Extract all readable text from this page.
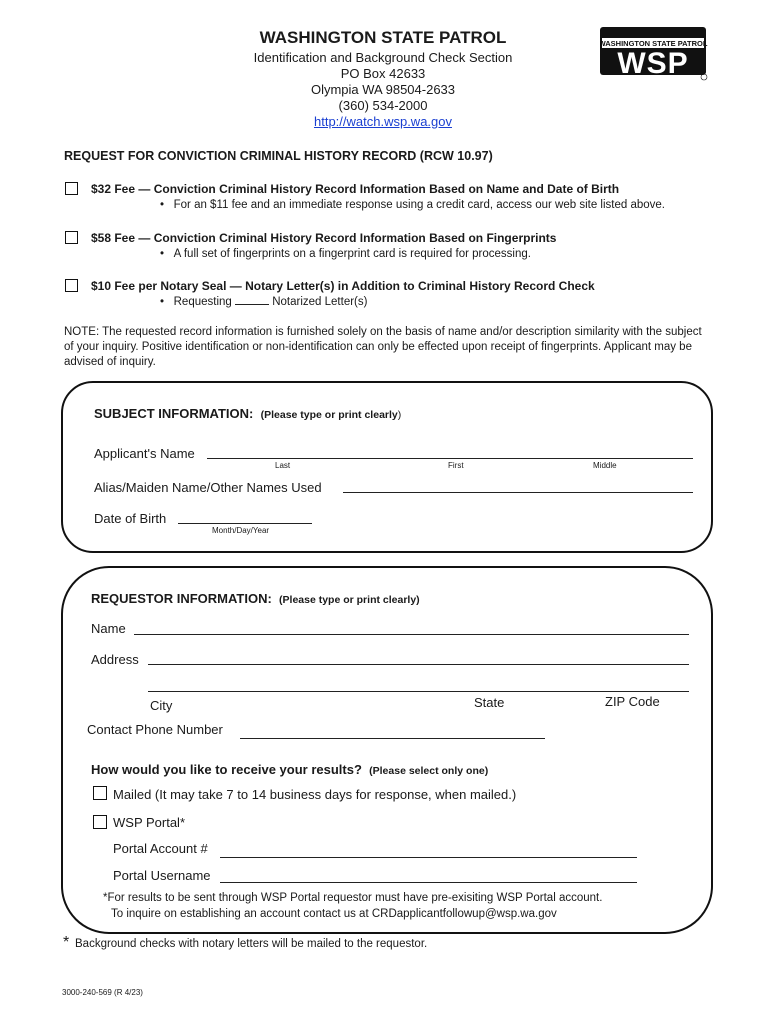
WASHINGTON STATE PATROL
Identification and Background Check Section
PO Box 42633
Olympia WA 98504-2633
(360) 534-2000
http://watch.wsp.wa.gov
WASHINGTON STATE PATROL
WSP
REQUEST FOR CONVICTION CRIMINAL HISTORY RECORD (RCW 10.97)
$32 Fee — Conviction Criminal History Record Information Based on Name and Date of Birth
•   For an $11 fee and an immediate response using a credit card, access our web site listed above.
$58 Fee — Conviction Criminal History Record Information Based on Fingerprints
•   A full set of fingerprints on a fingerprint card is required for processing.
$10 Fee per Notary Seal — Notary Letter(s) in Addition to Criminal History Record Check
•   Requesting	Notarized Letter(s)
NOTE: The requested record information is furnished solely on the basis of name and/or description similarity with the subject of your inquiry. Positive identification or non-identification can only be effected upon receipt of fingerprints. Applicant may be advised of inquiry.
SUBJECT INFORMATION: (Please type or print clearly)
Applicant's Name
Last	First	Middle
Alias/Maiden Name/Other Names Used
Date of Birth
Month/Day/Year
REQUESTOR INFORMATION: (Please type or print clearly)
Name
Address
City	State	ZIP Code
Contact Phone Number
How would you like to receive your results? (Please select only one)
Mailed (It may take 7 to 14 business days for response, when mailed.)
WSP Portal*
Portal Account #
Portal Username
*For results to be sent through WSP Portal requestor must have pre-exisiting WSP Portal account.
To inquire on establishing an account contact us at CRDapplicantfollowup@wsp.wa.gov
* Background checks with notary letters will be mailed to the requestor.
3000-240-569 (R 4/23)
